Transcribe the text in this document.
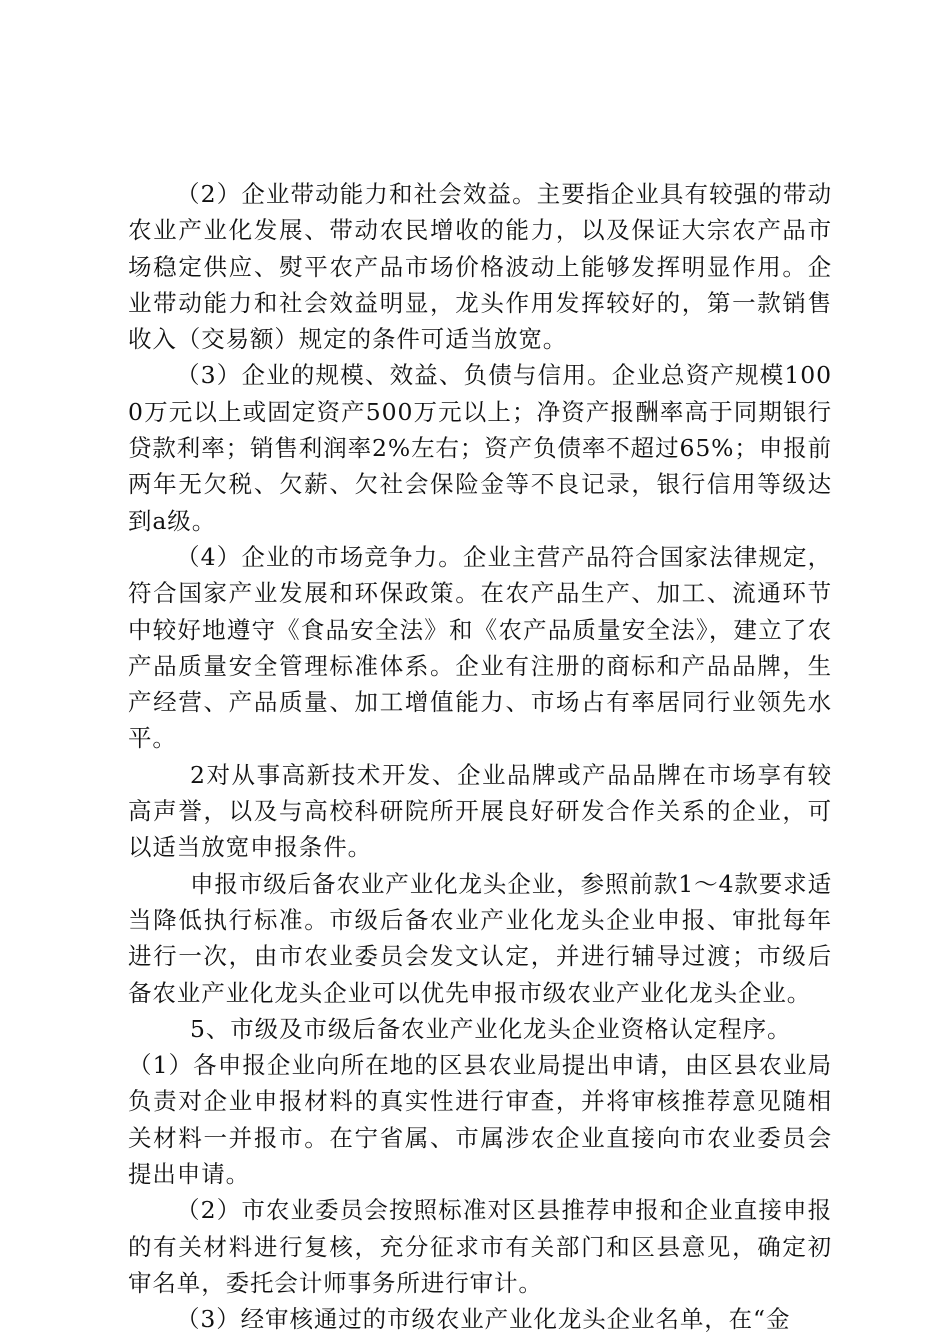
（2）企业带动能力和社会效益。主要指企业具有较强的带动农业产业化发展、带动农民增收的能力，以及保证大宗农产品市场稳定供应、熨平农产品市场价格波动上能够发挥明显作用。企业带动能力和社会效益明显，龙头作用发挥较好的，第一款销售收入（交易额）规定的条件可适当放宽。

（3）企业的规模、效益、负债与信用。企业总资产规模1000万元以上或固定资产500万元以上；净资产报酬率高于同期银行贷款利率；销售利润率2%左右；资产负债率不超过65%；申报前两年无欠税、欠薪、欠社会保险金等不良记录，银行信用等级达到a级。

（4）企业的市场竞争力。企业主营产品符合国家法律规定，符合国家产业发展和环保政策。在农产品生产、加工、流通环节中较好地遵守《食品安全法》和《农产品质量安全法》，建立了农产品质量安全管理标准体系。企业有注册的商标和产品品牌，生产经营、产品质量、加工增值能力、市场占有率居同行业领先水平。

2对从事高新技术开发、企业品牌或产品品牌在市场享有较高声誉，以及与高校科研院所开展良好研发合作关系的企业，可以适当放宽申报条件。

申报市级后备农业产业化龙头企业，参照前款1～4款要求适当降低执行标准。市级后备农业产业化龙头企业申报、审批每年进行一次，由市农业委员会发文认定，并进行辅导过渡；市级后备农业产业化龙头企业可以优先申报市级农业产业化龙头企业。

5、市级及市级后备农业产业化龙头企业资格认定程序。

（1）各申报企业向所在地的区县农业局提出申请，由区县农业局负责对企业申报材料的真实性进行审查，并将审核推荐意见随相关材料一并报市。在宁省属、市属涉农企业直接向市农业委员会提出申请。

（2）市农业委员会按照标准对区县推荐申报和企业直接申报的有关材料进行复核，充分征求市有关部门和区县意见，确定初审名单，委托会计师事务所进行审计。

（3）经审核通过的市级农业产业化龙头企业名单，在“金
